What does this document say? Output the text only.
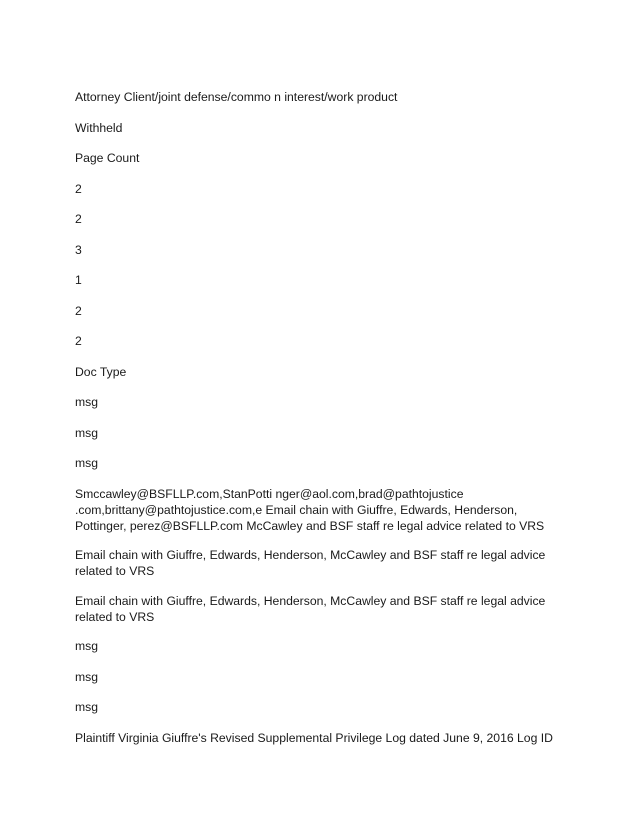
Attorney Client/joint defense/commo n interest/work product

Withheld

Page Count

2

2

3

1

2

2

Doc Type

msg

msg

msg

Smccawley@BSFLLP.com,StanPotti nger@aol.com,brad@pathtojustice .com,brittany@pathtojustice.com,e Email chain with Giuffre, Edwards, Henderson, Pottinger, perez@BSFLLP.com McCawley and BSF staff re legal advice related to VRS

Email chain with Giuffre, Edwards, Henderson, McCawley and BSF staff re legal advice related to VRS

Email chain with Giuffre, Edwards, Henderson, McCawley and BSF staff re legal advice related to VRS

msg

msg

msg

Plaintiff Virginia Giuffre's Revised Supplemental Privilege Log dated June 9, 2016 Log ID
